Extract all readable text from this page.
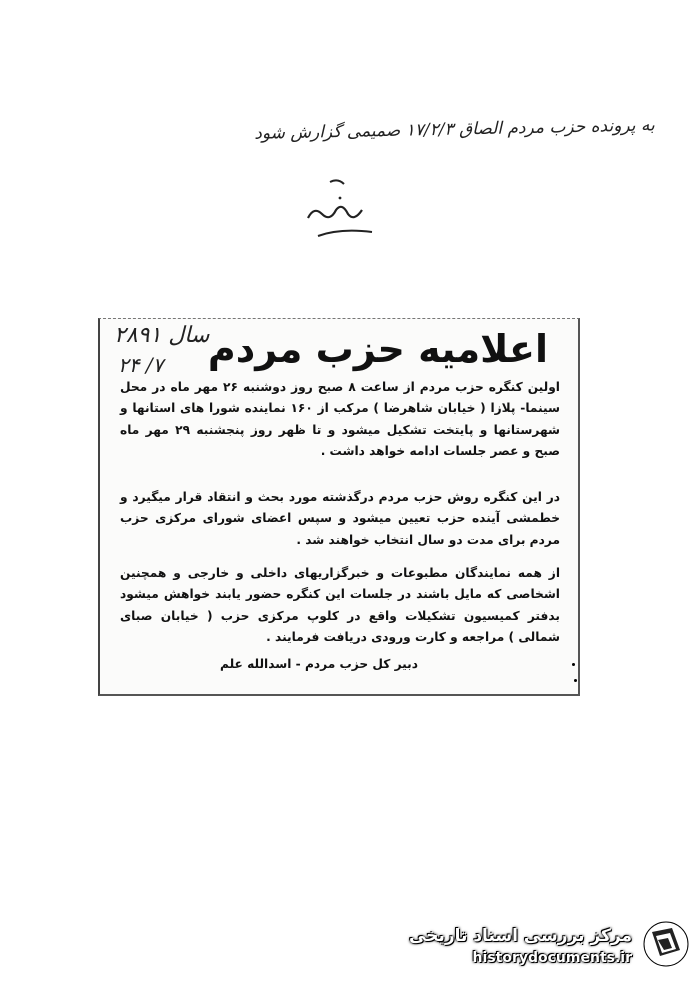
به پرونده حزب مردم الصاق ۱۷/۲/۳ صمیمی گزارش شود
۲۸۹۱ سال
۲۴ /۷ اعلامیه حزب مردم
اولین کنگره حزب مردم از ساعت ۸ صبح روز دوشنبه ۲۶ مهر ماه در محل سینما- پلازا ( خیابان شاهرضا ) مرکب از ۱۶۰ نماینده شورا های استانها و شهرستانها و پایتخت تشکیل میشود و تا ظهر روز پنجشنبه ۲۹ مهر ماه صبح و عصر جلسات ادامه خواهد داشت .
در این کنگره روش حزب مردم درگذشته مورد بحث و انتقاد قرار میگیرد و خطمشی آینده حزب تعیین میشود و سپس اعضای شورای مرکزی حزب مردم برای مدت دو سال انتخاب خواهند شد .
از همه نمایندگان مطبوعات و خبرگزاریهای داخلی و خارجی و همچنین اشخاصی که مایل باشند در جلسات این کنگره حضور یابند خواهش میشود بدفتر کمیسیون تشکیلات واقع در کلوپ مرکزی حزب ( خیابان صبای شمالی ) مراجعه و کارت ورودی دریافت فرمایند .
دبیر کل حزب مردم - اسدالله علم
مرکز بررسی اسناد تاریخی
historydocuments.ir
